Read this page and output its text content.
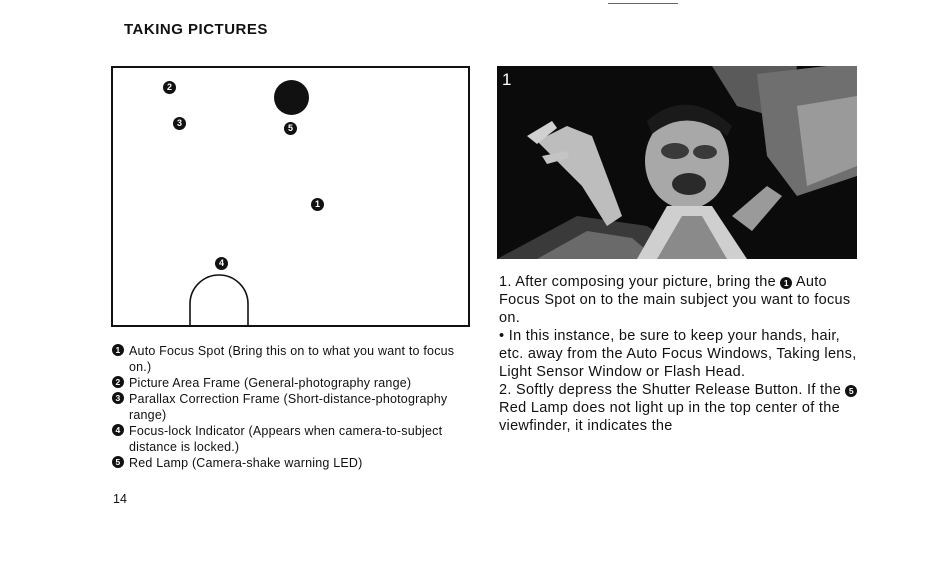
TAKING PICTURES
2
3	5
1
4
1 Auto Focus Spot (Bring this on to what you want to focus on.)
2 Picture Area Frame (General-photography range)
3 Parallax Correction Frame (Short-distance-photography range)
4 Focus-lock Indicator (Appears when camera-to-subject distance is locked.)
5 Red Lamp (Camera-shake warning LED)
14
1

1. After composing your picture, bring the 1 Auto Focus Spot on to the main subject you want to focus on.

• In this instance, be sure to keep your hands, hair, etc. away from the Auto Focus Windows, Taking lens, Light Sensor Window or Flash Head.

2. Softly depress the Shutter Release Button. If the 5 Red Lamp does not light up in the top center of the viewfinder, it indicates the
